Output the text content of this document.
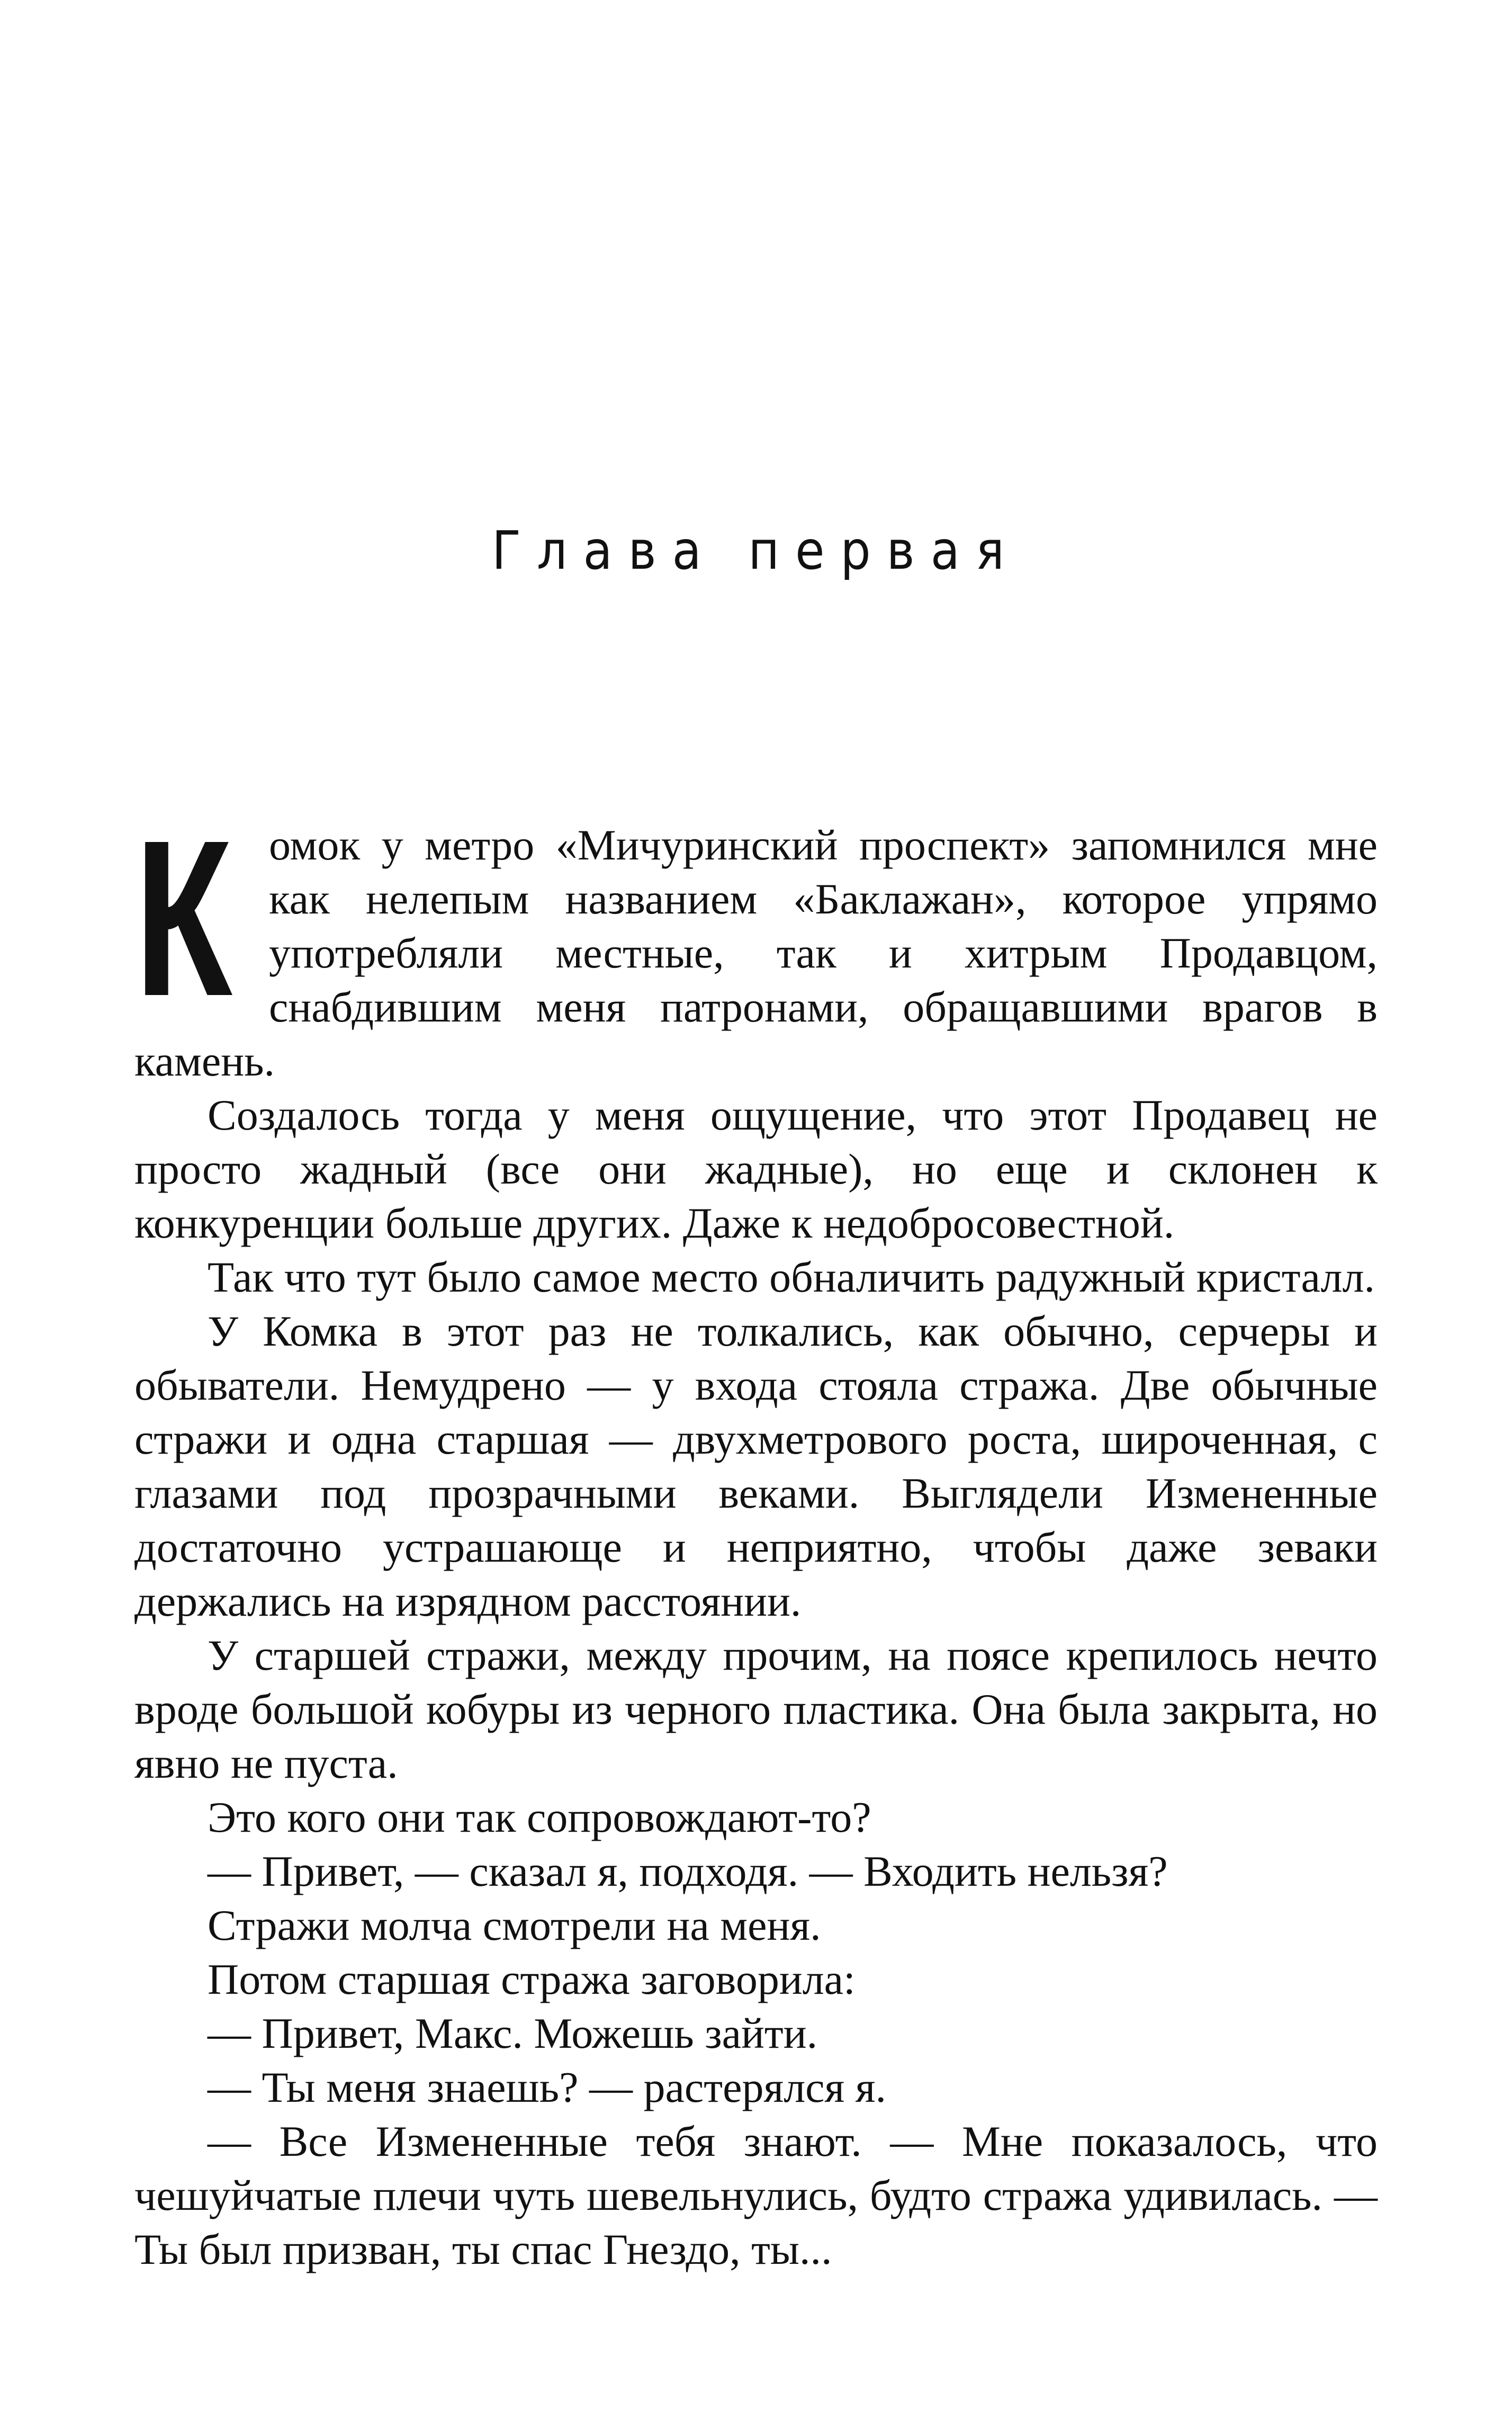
Глава первая

Комок у метро «Мичуринский проспект» запомнился мне как нелепым названием «Баклажан», которое упрямо употребляли местные, так и хитрым Продавцом, снабдившим меня патронами, обращавшими врагов в камень.

Создалось тогда у меня ощущение, что этот Продавец не просто жадный (все они жадные), но еще и склонен к конкуренции больше других. Даже к недобросовестной.

Так что тут было самое место обналичить радужный кристалл.

У Комка в этот раз не толкались, как обычно, серчеры и обыватели. Немудрено — у входа стояла стража. Две обычные стражи и одна старшая — двухметрового роста, широченная, с глазами под прозрачными веками. Выглядели Измененные достаточно устрашающе и неприятно, чтобы даже зеваки держались на изрядном расстоянии.

У старшей стражи, между прочим, на поясе крепилось нечто вроде большой кобуры из черного пластика. Она была закрыта, но явно не пуста.

Это кого они так сопровождают-то?

— Привет, — сказал я, подходя. — Входить нельзя?

Стражи молча смотрели на меня.

Потом старшая стража заговорила:

— Привет, Макс. Можешь зайти.

— Ты меня знаешь? — растерялся я.

— Все Измененные тебя знают. — Мне показалось, что чешуйчатые плечи чуть шевельнулись, будто стража удивилась. — Ты был призван, ты спас Гнездо, ты...
